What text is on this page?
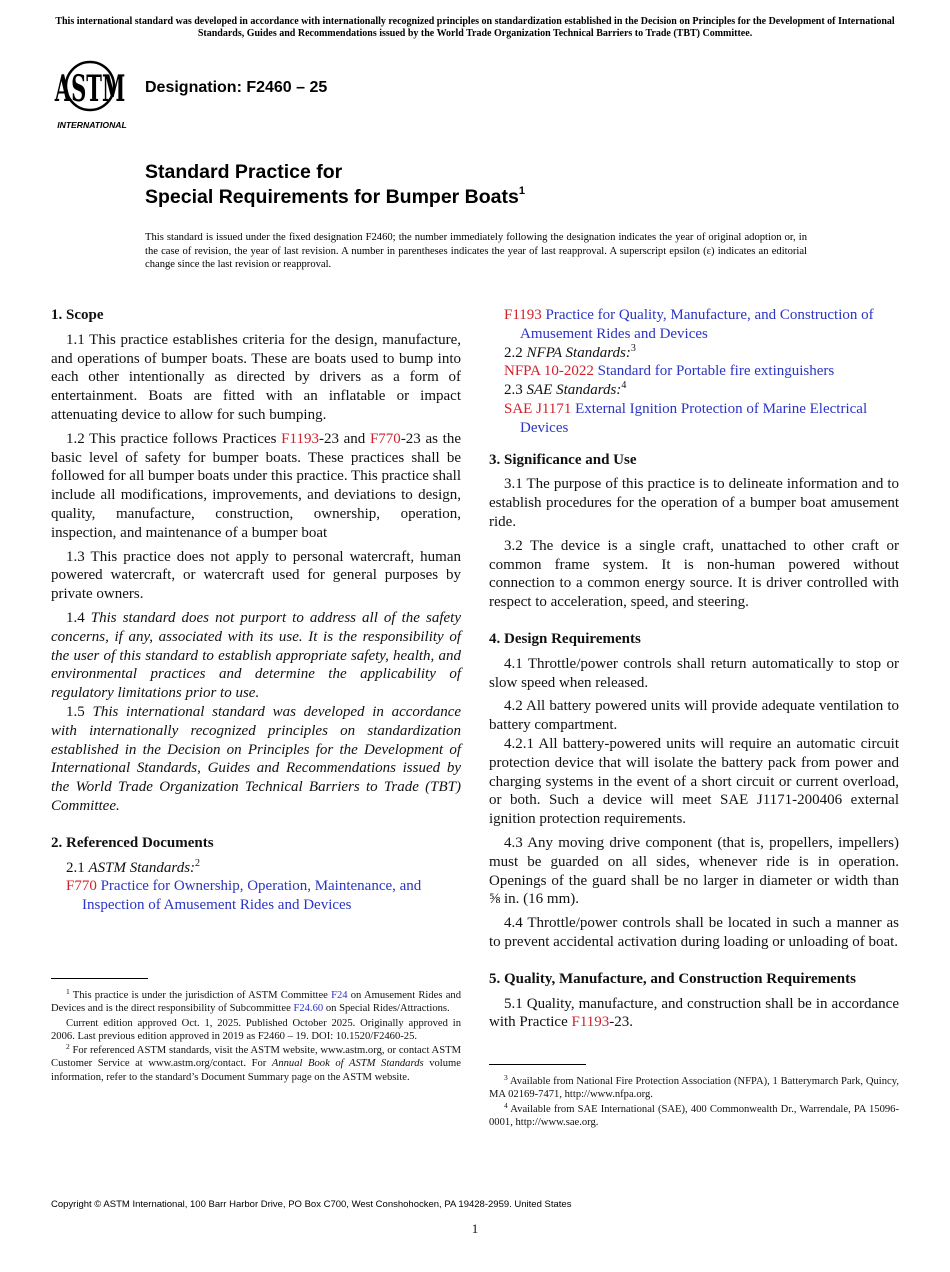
This international standard was developed in accordance with internationally recognized principles on standardization established in the Decision on Principles for the Development of International Standards, Guides and Recommendations issued by the World Trade Organization Technical Barriers to Trade (TBT) Committee.
ASTM
INTERNATIONAL
Designation: F2460 – 25
Standard Practice for
Special Requirements for Bumper Boats$^1$
This standard is issued under the fixed designation F2460; the number immediately following the designation indicates the year of original adoption or, in the case of revision, the year of last revision. A number in parentheses indicates the year of last reapproval. A superscript epsilon (ε) indicates an editorial change since the last revision or reapproval.
1. Scope

1.1 This practice establishes criteria for the design, manufacture, and operations of bumper boats. These are boats used to bump into each other intentionally as directed by drivers as a form of entertainment. Boats are fitted with an inflatable or impact attenuating device to allow for such bumping.

1.2 This practice follows Practices F1193-23 and F770-23 as the basic level of safety for bumper boats. These practices shall be followed for all bumper boats under this practice. This practice shall include all modifications, improvements, and deviations to design, quality, manufacture, construction, ownership, operation, inspection, and maintenance of a bumper boat

1.3 This practice does not apply to personal watercraft, human powered watercraft, or watercraft used for general purposes by private owners.

1.4 This standard does not purport to address all of the safety concerns, if any, associated with its use. It is the responsibility of the user of this standard to establish appropriate safety, health, and environmental practices and determine the applicability of regulatory limitations prior to use.

1.5 This international standard was developed in accordance with internationally recognized principles on standardization established in the Decision on Principles for the Development of International Standards, Guides and Recommendations issued by the World Trade Organization Technical Barriers to Trade (TBT) Committee.

2. Referenced Documents

2.1 ASTM Standards:$^2$

F770 Practice for Ownership, Operation, Maintenance, and Inspection of Amusement Rides and Devices

$^1$ This practice is under the jurisdiction of ASTM Committee F24 on Amusement Rides and Devices and is the direct responsibility of Subcommittee F24.60 on Special Rides/Attractions.

Current edition approved Oct. 1, 2025. Published October 2025. Originally approved in 2006. Last previous edition approved in 2019 as F2460 – 19. DOI: 10.1520/F2460-25.

$^2$ For referenced ASTM standards, visit the ASTM website, www.astm.org, or contact ASTM Customer Service at www.astm.org/contact. For Annual Book of ASTM Standards volume information, refer to the standard’s Document Summary page on the ASTM website.

F1193 Practice for Quality, Manufacture, and Construction of Amusement Rides and Devices

2.2 NFPA Standards:$^3$

NFPA 10-2022 Standard for Portable fire extinguishers

2.3 SAE Standards:$^4$

SAE J1171 External Ignition Protection of Marine Electrical Devices

3. Significance and Use

3.1 The purpose of this practice is to delineate information and to establish procedures for the operation of a bumper boat amusement ride.

3.2 The device is a single craft, unattached to other craft or common frame system. It is non-human powered without connection to a common energy source. It is driver controlled with respect to acceleration, speed, and steering.

4. Design Requirements

4.1 Throttle/power controls shall return automatically to stop or slow speed when released.

4.2 All battery powered units will provide adequate ventilation to battery compartment.

4.2.1 All battery-powered units will require an automatic circuit protection device that will isolate the battery pack from power and charging systems in the event of a short circuit or current overload, or both. Such a device will meet SAE J1171-200406 external ignition protection requirements.

4.3 Any moving drive component (that is, propellers, impellers) must be guarded on all sides, whenever ride is in operation. Openings of the guard shall be no larger in diameter or width than ⅝ in. (16 mm).

4.4 Throttle/power controls shall be located in such a manner as to prevent accidental activation during loading or unloading of boat.

5. Quality, Manufacture, and Construction Requirements

5.1 Quality, manufacture, and construction shall be in accordance with Practice F1193-23.

$^3$ Available from National Fire Protection Association (NFPA), 1 Batterymarch Park, Quincy, MA 02169-7471, http://www.nfpa.org.

$^4$ Available from SAE International (SAE), 400 Commonwealth Dr., Warrendale, PA 15096-0001, http://www.sae.org.

Copyright © ASTM International, 100 Barr Harbor Drive, PO Box C700, West Conshohocken, PA 19428-2959. United States
1
